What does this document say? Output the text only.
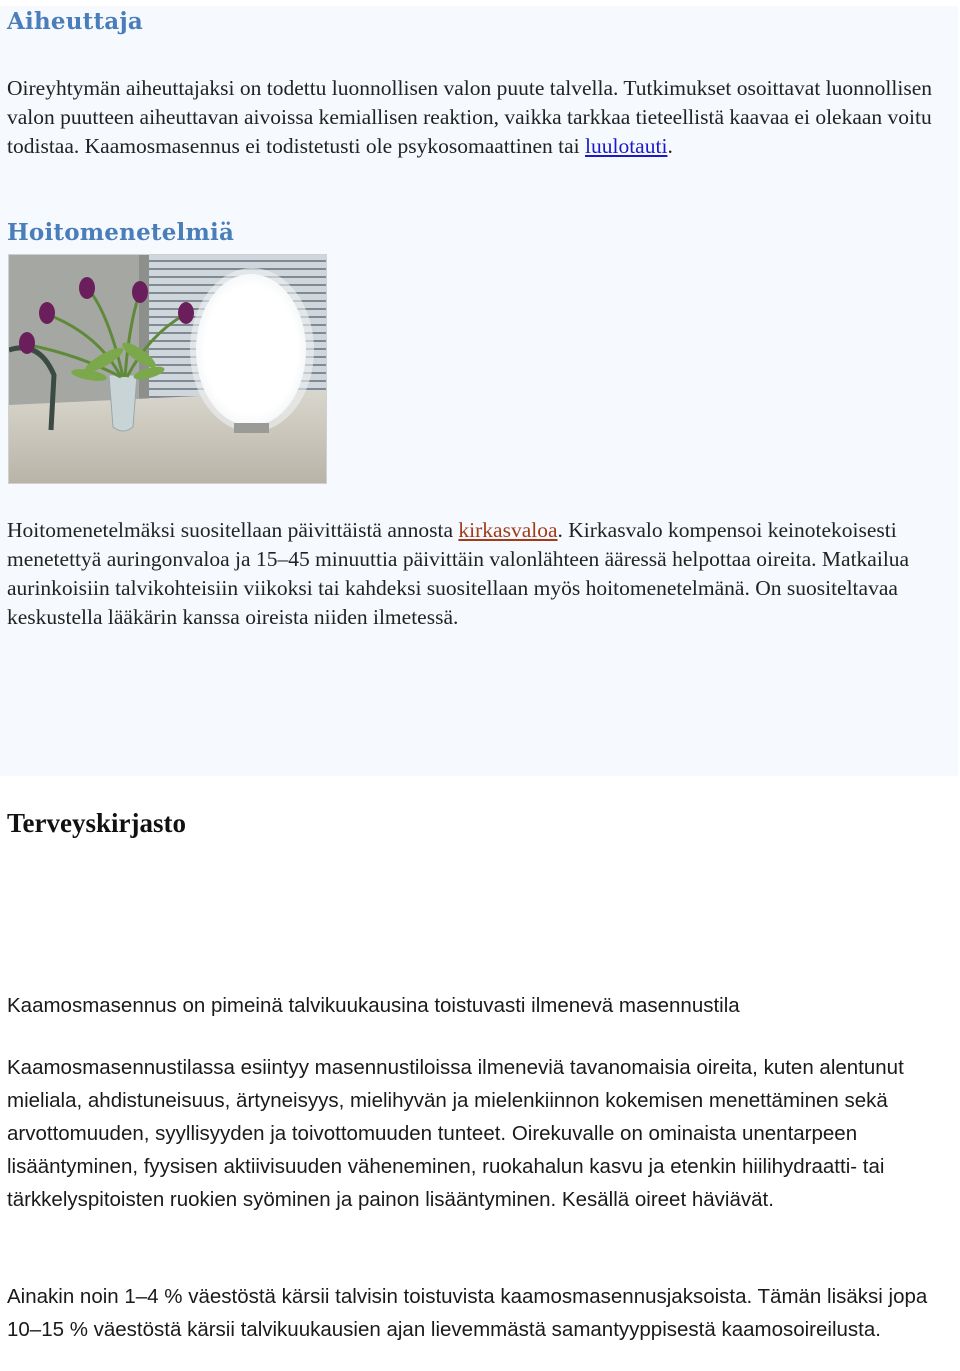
Aiheuttaja

Oireyhtymän aiheuttajaksi on todettu luonnollisen valon puute talvella. Tutkimukset osoittavat luonnollisen valon puutteen aiheuttavan aivoissa kemiallisen reaktion, vaikka tarkkaa tieteellistä kaavaa ei olekaan voitu todistaa. Kaamosmasennus ei todistetusti ole psykosomaattinen tai luulotauti.

Hoitomenetelmiä

Hoitomenetelmäksi suositellaan päivittäistä annosta kirkasvaloa. Kirkasvalo kompensoi keinotekoisesti menetettyä auringonvaloa ja 15–45 minuuttia päivittäin valonlähteen ääressä helpottaa oireita. Matkailua aurinkoisiin talvikohteisiin viikoksi tai kahdeksi suositellaan myös hoitomenetelmänä. On suositeltavaa keskustella lääkärin kanssa oireista niiden ilmetessä.

Terveyskirjasto

Kaamosmasennus on pimeinä talvikuukausina toistuvasti ilmenevä masennustila

Kaamosmasennustilassa esiintyy masennustiloissa ilmeneviä tavanomaisia oireita, kuten alentunut mieliala, ahdistuneisuus, ärtyneisyys, mielihyvän ja mielenkiinnon kokemisen menettäminen sekä arvottomuuden, syyllisyyden ja toivottomuuden tunteet. Oirekuvalle on ominaista unentarpeen lisääntyminen, fyysisen aktiivisuuden väheneminen, ruokahalun kasvu ja etenkin hiilihydraatti- tai tärkkelyspitoisten ruokien syöminen ja painon lisääntyminen. Kesällä oireet häviävät.

Ainakin noin 1–4 % väestöstä kärsii talvisin toistuvista kaamosmasennusjaksoista. Tämän lisäksi jopa 10–15 % väestöstä kärsii talvikuukausien ajan lievemmästä samantyyppisestä kaamosoireilusta.
